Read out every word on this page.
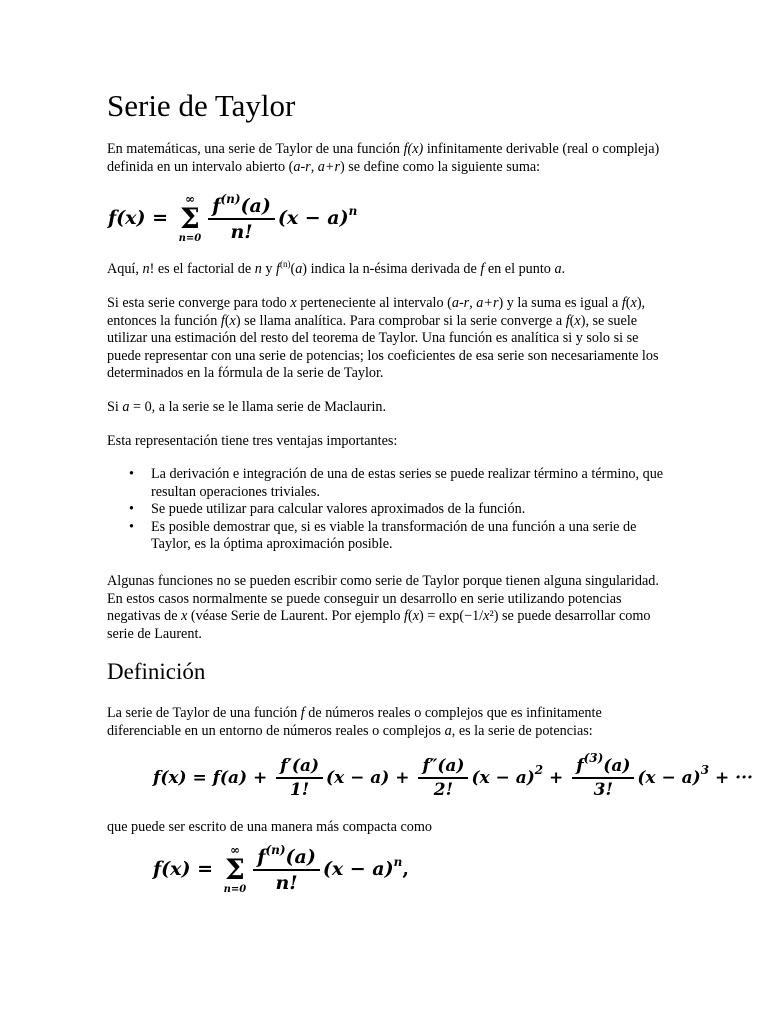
Serie de Taylor

En matemáticas, una serie de Taylor de una función f(x) infinitamente derivable (real o compleja) definida en un intervalo abierto (a-r, a+r) se define como la siguiente suma:

f(x) =
∞
Σ
$n=0 \frac{f^{(n)}(a)}{n!} (x - a)^n$

Aquí, n! es el factorial de n y $f^{(n)}(a)$ indica la n-ésima derivada de f en el punto a.

Si esta serie converge para todo x perteneciente al intervalo (a-r, a+r) y la suma es igual a f(x), entonces la función f(x) se llama analítica. Para comprobar si la serie converge a f(x), se suele utilizar una estimación del resto del teorema de Taylor. Una función es analítica si y solo si se puede representar con una serie de potencias; los coeficientes de esa serie son necesariamente los determinados en la fórmula de la serie de Taylor.

Si a = 0, a la serie se le llama serie de Maclaurin.

Esta representación tiene tres ventajas importantes:

• La derivación e integración de una de estas series se puede realizar término a término, que resultan operaciones triviales.
• Se puede utilizar para calcular valores aproximados de la función.
• Es posible demostrar que, si es viable la transformación de una función a una serie de Taylor, es la óptima aproximación posible.

Algunas funciones no se pueden escribir como serie de Taylor porque tienen alguna singularidad. En estos casos normalmente se puede conseguir un desarrollo en serie utilizando potencias negativas de x (véase Serie de Laurent. Por ejemplo f(x) = exp(−1/x²) se puede desarrollar como serie de Laurent.

Definición

La serie de Taylor de una función f de números reales o complejos que es infinitamente diferenciable en un entorno de números reales o complejos a, es la serie de potencias:

$f(x) = f(a) + \frac{f'(a)}{1!} (x - a) + \frac{f''(a)}{2!} (x - a)^2 + \frac{f^{(3)}(a)}{3!} (x - a)^3$ + ···

que puede ser escrito de una manera más compacta como

f(x) =
∞
Σ
$n=0 \frac{f^{(n)}(a)}{n!} (x - a)^n$,
